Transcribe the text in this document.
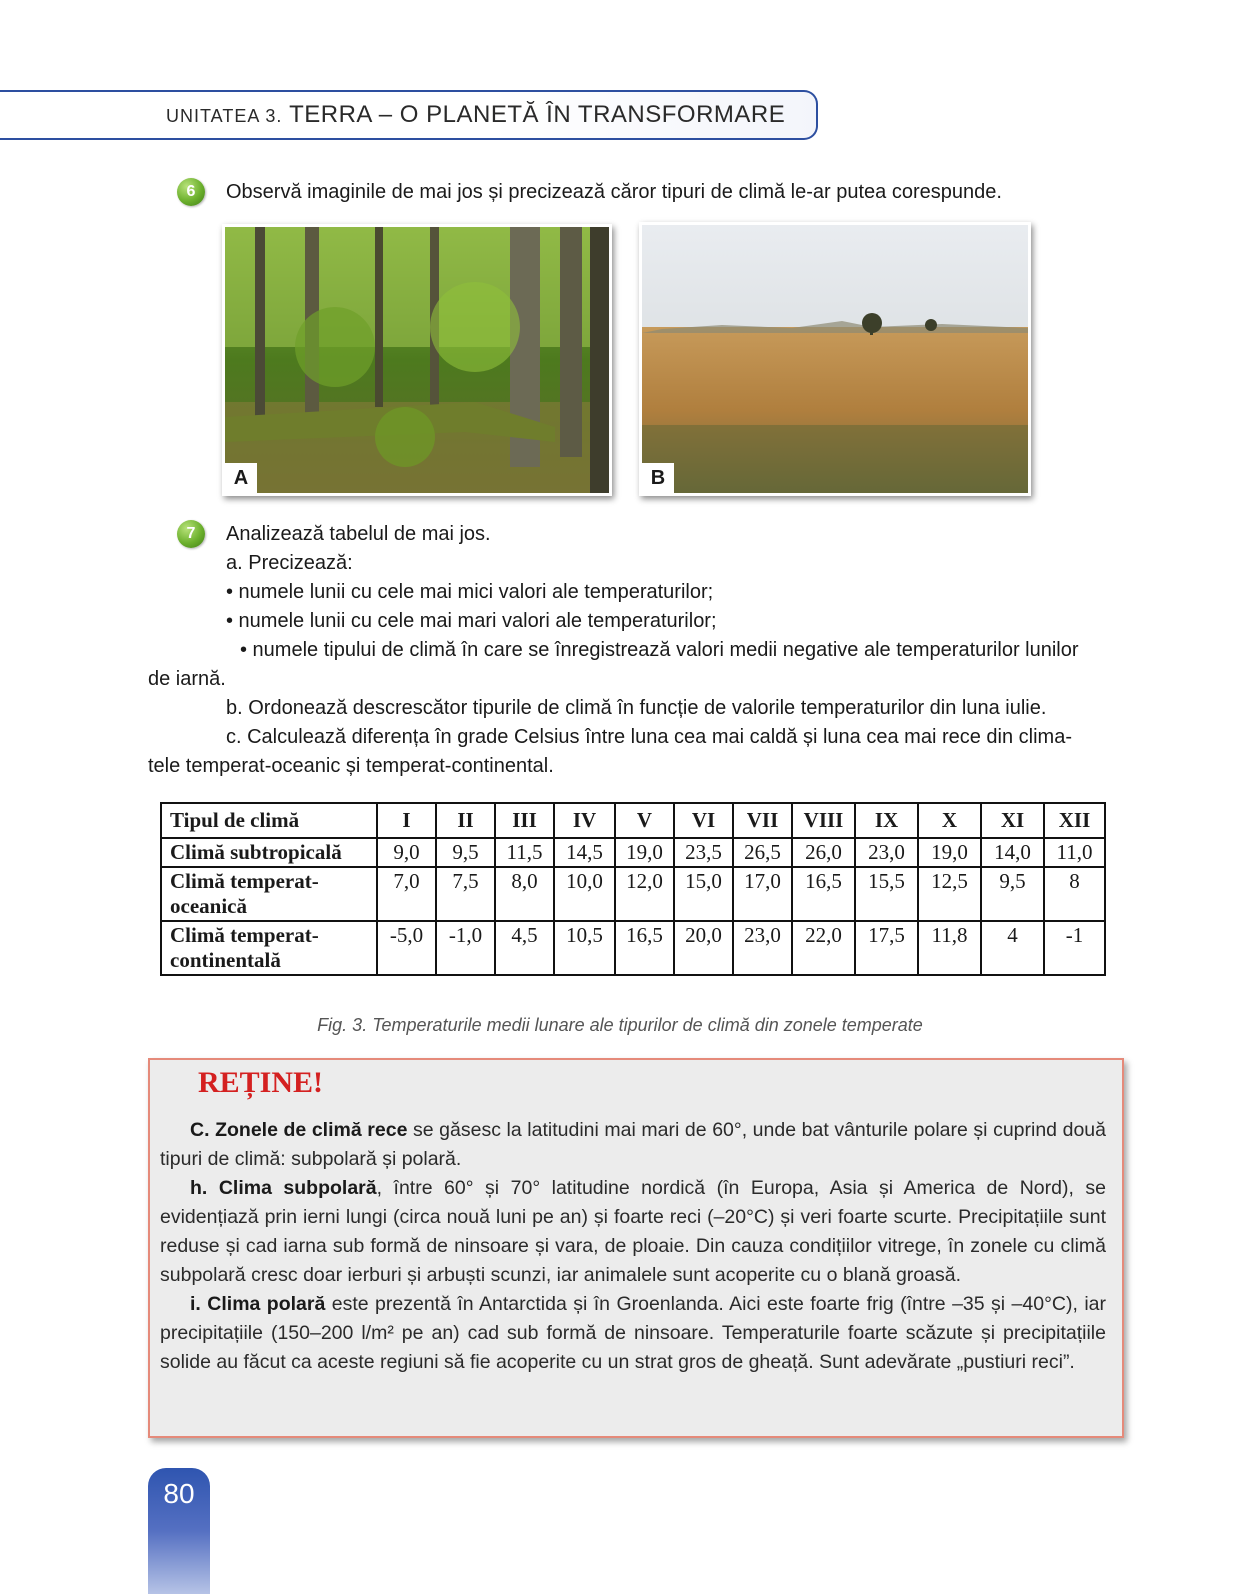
UNITATEA 3. TERRA – O PLANETĂ ÎN TRANSFORMARE
6	Observă imaginile de mai jos și precizează căror tipuri de climă le-ar putea corespunde.
A	B
7	Analizează tabelul de mai jos.
a. Precizează:
• numele lunii cu cele mai mici valori ale temperaturilor;
• numele lunii cu cele mai mari valori ale temperaturilor;
• numele tipului de climă în care se înregistrează valori medii negative ale temperaturilor lunilor
de iarnă.
b. Ordonează descrescător tipurile de climă în funcție de valorile temperaturilor din luna iulie.
c. Calculează diferența în grade Celsius între luna cea mai caldă și luna cea mai rece din clima-
tele temperat-oceanic și temperat-continental.
Tipul de climă	I	II	III	IV	V	VI	VII	VIII	IX	X	XI	XII
Climă subtropicală	9,0	9,5	11,5	14,5	19,0	23,5	26,5	26,0	23,0	19,0	14,0	11,0
Climă temperat-
oceanică	7,0	7,5	8,0	10,0	12,0	15,0	17,0	16,5	15,5	12,5	9,5	8
Climă temperat-
continentală	-5,0	-1,0	4,5	10,5	16,5	20,0	23,0	22,0	17,5	11,8	4	-1
Fig. 3. Temperaturile medii lunare ale tipurilor de climă din zonele temperate
REȚINE!

C. Zonele de climă rece se găsesc la latitudini mai mari de 60°, unde bat vânturile polare și cuprind două tipuri de climă: subpolară și polară.

h. Clima subpolară, între 60° și 70° latitudine nordică (în Europa, Asia și America de Nord), se evidențiază prin ierni lungi (circa nouă luni pe an) și foarte reci (–20°C) și veri foarte scurte. Precipitațiile sunt reduse și cad iarna sub formă de ninsoare și vara, de ploaie. Din cauza condițiilor vitrege, în zonele cu climă subpolară cresc doar ierburi și arbuști scunzi, iar animalele sunt acoperite cu o blană groasă.

i. Clima polară este prezentă în Antarctida și în Groenlanda. Aici este foarte frig (între –35 și –40°C), iar precipitațiile (150–200 l/m² pe an) cad sub formă de ninsoare. Temperaturile foarte scăzute și precipitațiile solide au făcut ca aceste regiuni să fie acoperite cu un strat gros de gheață. Sunt adevărate „pustiuri reci”.

80
